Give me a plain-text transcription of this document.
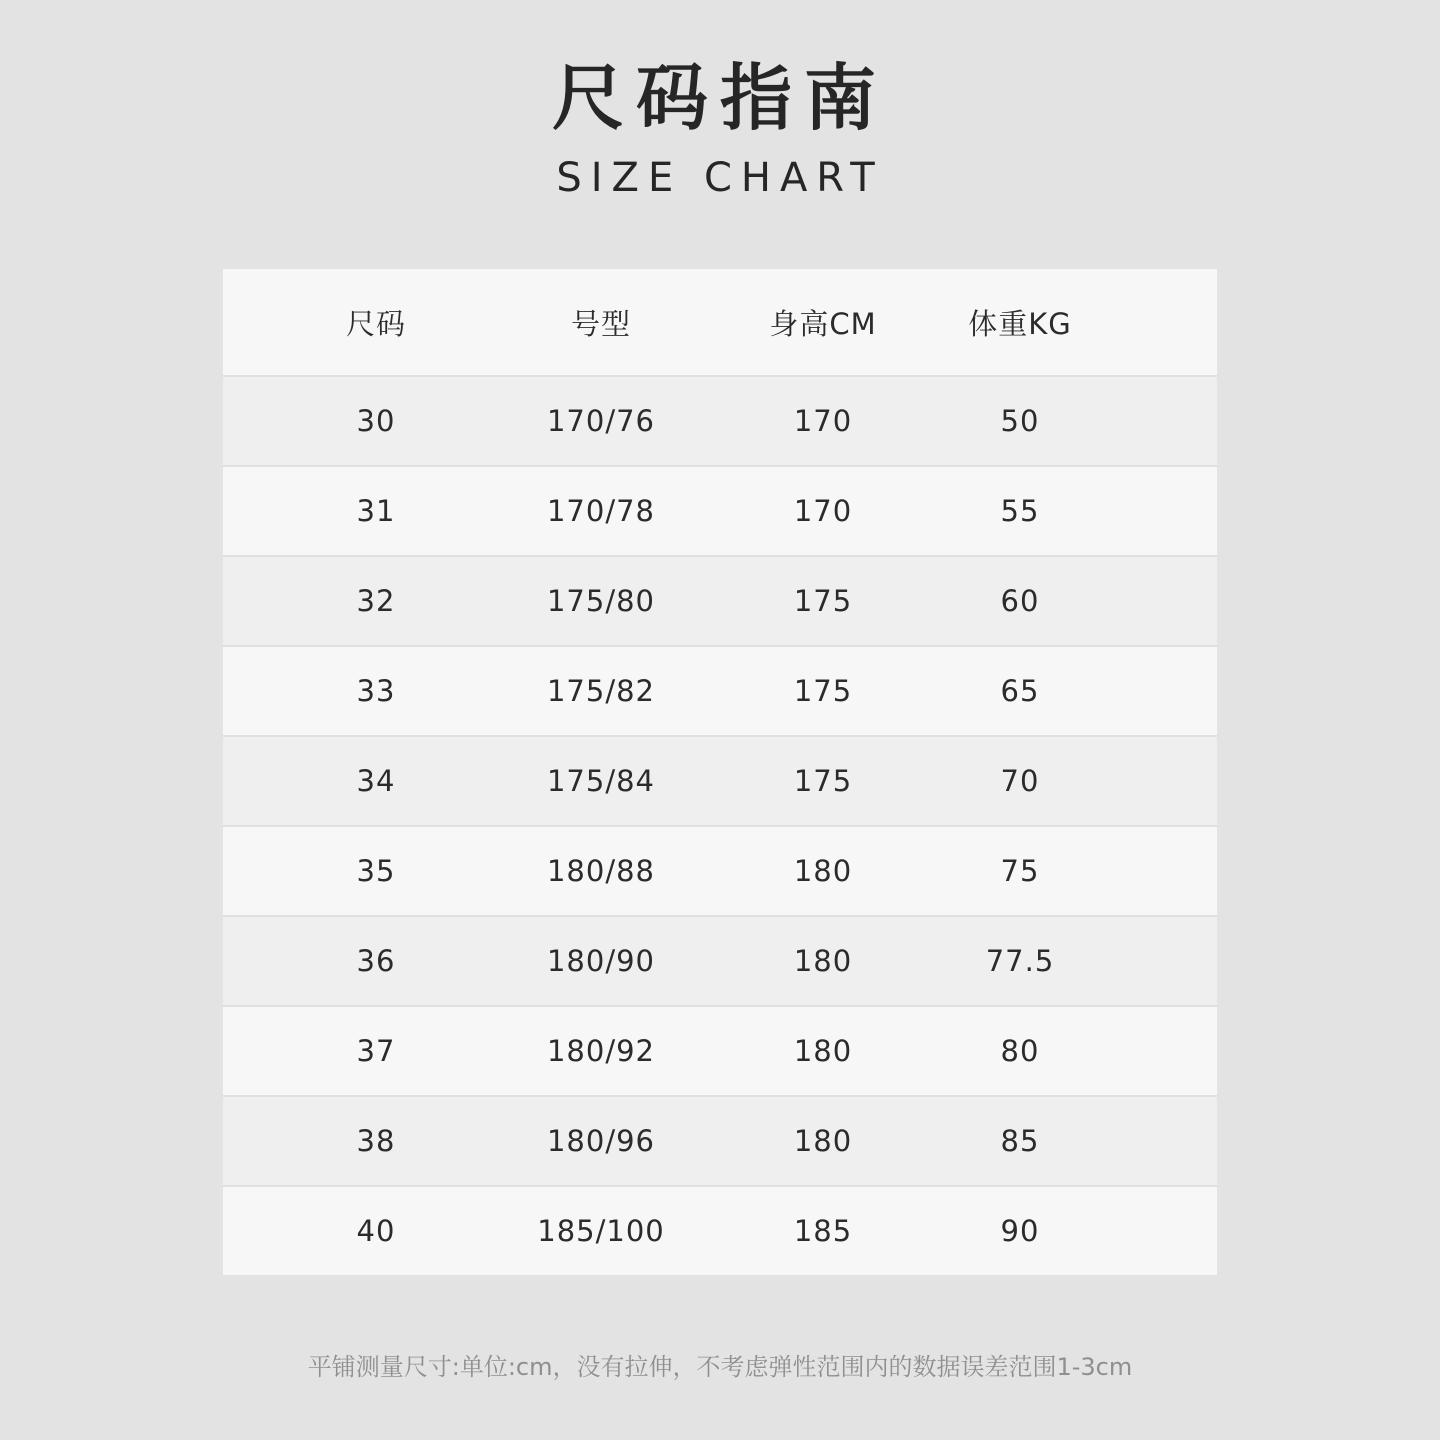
尺码指南
SIZE CHART
尺码	号型	身高CM	体重KG
30	170/76	170	50
31	170/78	170	55
32	175/80	175	60
33	175/82	175	65
34	175/84	175	70
35	180/88	180	75
36	180/90	180	77.5
37	180/92	180	80
38	180/96	180	85
40	185/100	185	90
平铺测量尺寸:单位:cm，没有拉伸，不考虑弹性范围内的数据误差范围1-3cm
